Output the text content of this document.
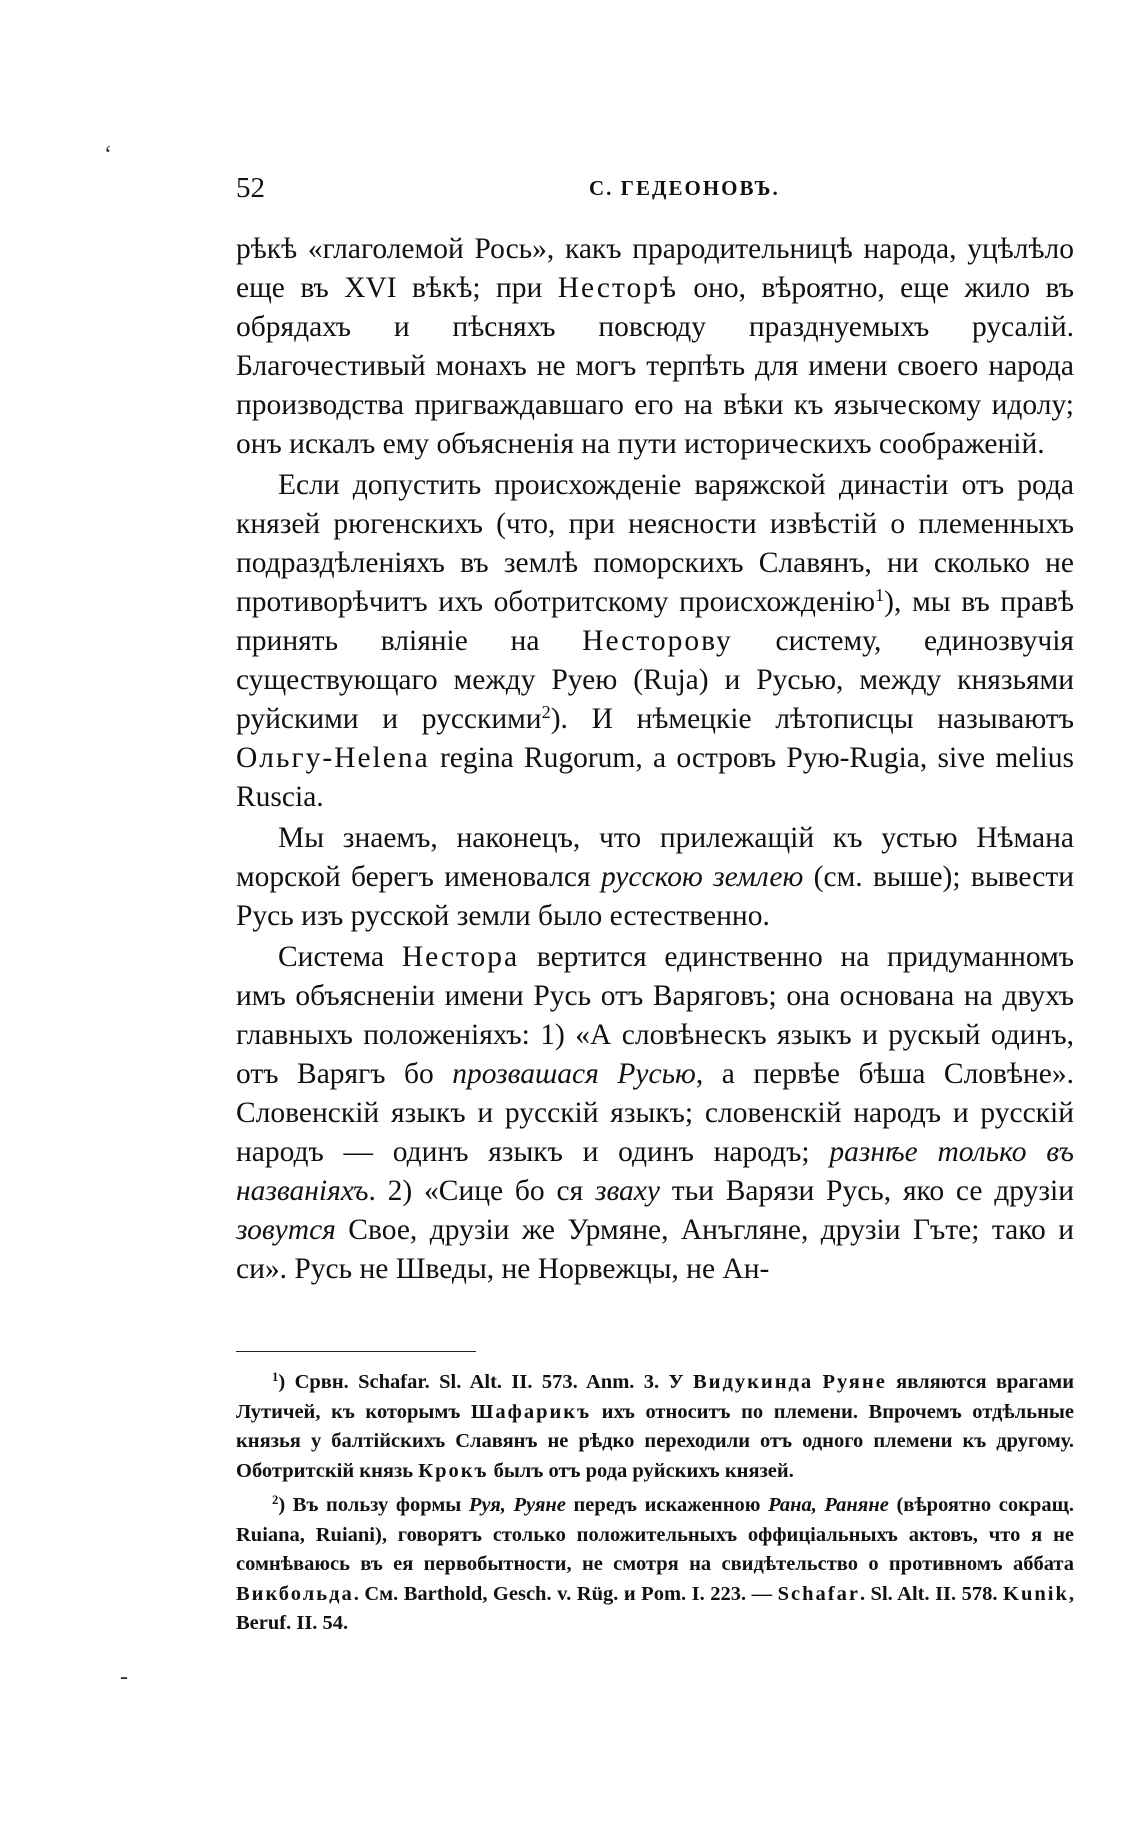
‘
-
52	С. ГЕДЕОНОВЪ.

рѣкѣ «глаголемой Рось», какъ прародительницѣ народа, уцѣлѣло еще въ XVI вѣкѣ; при Несторѣ оно, вѣроятно, еще жило въ обрядахъ и пѣсняхъ повсюду празднуемыхъ русалій. Благочестивый монахъ не могъ терпѣть для имени своего народа производства пригваждавшаго его на вѣки къ языческому идолу; онъ искалъ ему объясненія на пути историческихъ соображеній.

Если допустить происхожденіе варяжской династіи отъ рода князей рюгенскихъ (что, при неясности извѣстій о племенныхъ подраздѣленіяхъ въ землѣ поморскихъ Славянъ, ни сколько не противорѣчитъ ихъ оботритскому происхожденію$^1$), мы въ правѣ принять вліяніе на Несторову систему, единозвучія существующаго между Руею (Ruja) и Русью, между князьями руйскими и русскими$^2$). И нѣмецкіе лѣтописцы называютъ Ольгу-Helena regina Rugorum, а островъ Рую-Rugia, sive melius Ruscia.

Мы знаемъ, наконецъ, что прилежащій къ устью Нѣмана морской берегъ именовался русскою землею (см. выше); вывести Русь изъ русской земли было естественно.

Система Нестора вертится единственно на придуманномъ имъ объясненіи имени Русь отъ Варяговъ; она основана на двухъ главныхъ положеніяхъ: 1) «А словѣнескъ языкъ и рускый одинъ, отъ Варягъ бо прозвашася Русью, а первѣе бѣша Словѣне». Словенскій языкъ и русскій языкъ; словенскій народъ и русскій народъ — одинъ языкъ и одинъ народъ; разнѣе только въ названіяхъ. 2) «Сице бо ся зваху тьи Варязи Русь, яко се друзіи зовутся Свое, друзіи же Урмяне, Анъгляне, друзіи Гъте; тако и си». Русь не Шведы, не Норвежцы, не Ан-

$^1$) Срвн. Schafar. Sl. Alt. II. 573. Anm. 3. У Видукинда Руяне являются врагами Лутичей, къ которымъ Шафарикъ ихъ относитъ по племени. Впрочемъ отдѣльные князья у балтійскихъ Славянъ не рѣдко переходили отъ одного племени къ другому. Оботритскій князь Крокъ былъ отъ рода руйскихъ князей.

$^2$) Въ пользу формы Руя, Руяне передъ искаженною Рана, Раняне (вѣроятно сокращ. Ruiana, Ruiani), говорятъ столько положительныхъ оффиціальныхъ актовъ, что я не сомнѣваюсь въ ея первобытности, не смотря на свидѣтельство о противномъ аббата Викбольда. См. Barthold, Gesch. v. Rüg. и Pom. I. 223. — Schafar. Sl. Alt. II. 578. Kunik, Beruf. II. 54.
